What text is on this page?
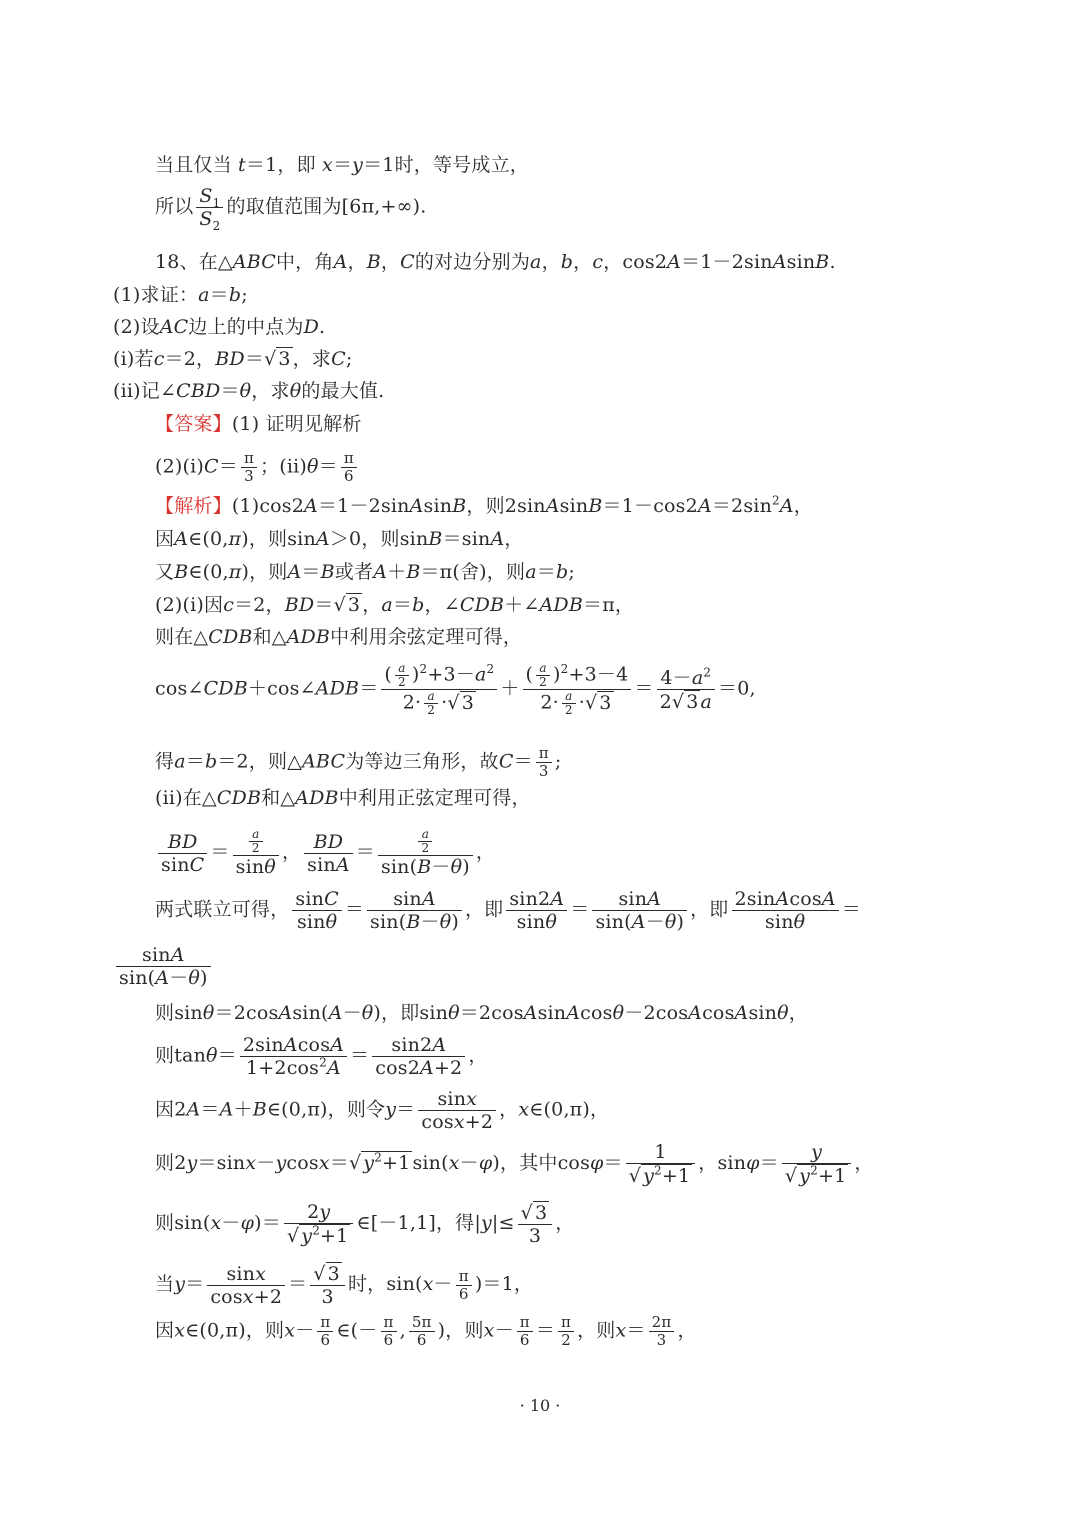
当且仅当 t＝1，即 x＝y＝1时，等号成立，
所以 $\frac{S_1}{S_2}$ 的取值范围为[6π,+∞).
18、在△ABC中，角A，B，C的对边分别为a，b，c，cos2A＝1－2sinAsinB.
(1)求证：a＝b;
(2)设AC边上的中点为D.
(i)若c＝2，BD＝√ 3 ，求C;
(ii)记∠CBD＝θ，求θ的最大值.
【答案】(1) 证明见解析
$(2)(i)C= \frac{\pi}{3}$ ；$(ii)\theta= \frac{\pi}{6}$
【解析】
(1)cos2A＝1－2sinAsinB，则$2sinAsinB=1-\cos 2A=2\sin^2A$，
因A∈(0,π)，则sinA＞0，则sinB＝sinA，
又B∈(0,π)，则A＝B或者A＋B＝π(舍)，则a＝b;
(2)(i)因c＝2，BD＝√ 3 ，a＝b，∠CDB＋∠ADB＝π，
则在△CDB和△ADB中利用余弦定理可得，
cos∠CDB＋cos∠ADB＝ $\frac{( \frac{a}{2} )^2+3-a^2}{2\cdot \frac{a}{2} \cdot√ 3} + \frac{( \frac{a}{2} )^2+3-4}{2\cdot \frac{a}{2} \cdot√ 3} = \frac{4-a^2}{2√ 3 a} =0$,
得a＝b＝2，则△ABC为等边三角形，故$C= \frac{\pi}{3}$ ;
(ii)在△CDB和△ADB中利用正弦定理可得，
$\frac{BD}{\sin C} = \frac{\frac{a}{2}}{\sin\theta}$ ， $\frac{BD}{\sin A} = \frac{\frac{a}{2}}{\sin(B-\theta)}$ ，
两式联立可得， $\frac{\sin C}{\sin\theta} = \frac{\sin A}{\sin(B-\theta)}$ ，即 $\frac{\sin 2A}{\sin\theta} = \frac{\sin A}{\sin(A-\theta)}$ ，即 $\frac{\text{2sinAcosA}}{\sin\theta}$ ＝
$\frac{\sin A}{\sin(A-\theta)}$
则sinθ＝2cosAsin(A－θ)，即sinθ＝2cosAsinAcosθ－2cosAcosAsinθ，
则$\tan\theta= \frac{\text{2sinAcosA}}{1+2\cos^2A} = \frac{\sin 2A}{\cos 2A+2}$ ，
因2A＝A＋B∈(0,π)，则令$y= \frac{\sin x}{\cos x+2}$ ，x∈(0,π)，
则2y＝sinx－ycosx＝√ $y^2+1$ sin(x－φ)，其中$\cos\varphi= \frac{1}{√ y^2+1}$ ，$\sin\varphi= \frac{y}{√ y^2+1}$ ，
则$\sin(x-\varphi)= \frac{2y}{√ y^2+1}$ ∈[－1,1]，得$|y|\le \frac{√ 3}{3}$ ，
当$y= \frac{\sin x}{\cos x+2} = \frac{√ 3}{3}$ 时，$\sin(x- \frac{\pi}{6} )=1$，
因x∈(0,π)，则$x- \frac{\pi}{6}$ ∈(－ $\frac{\pi}{6}$ , $\frac{5\pi}{6}$ )，则$x- \frac{\pi}{6} = \frac{\pi}{2}$ ，则$x= \frac{2\pi}{3}$ ，
· 10 ·
